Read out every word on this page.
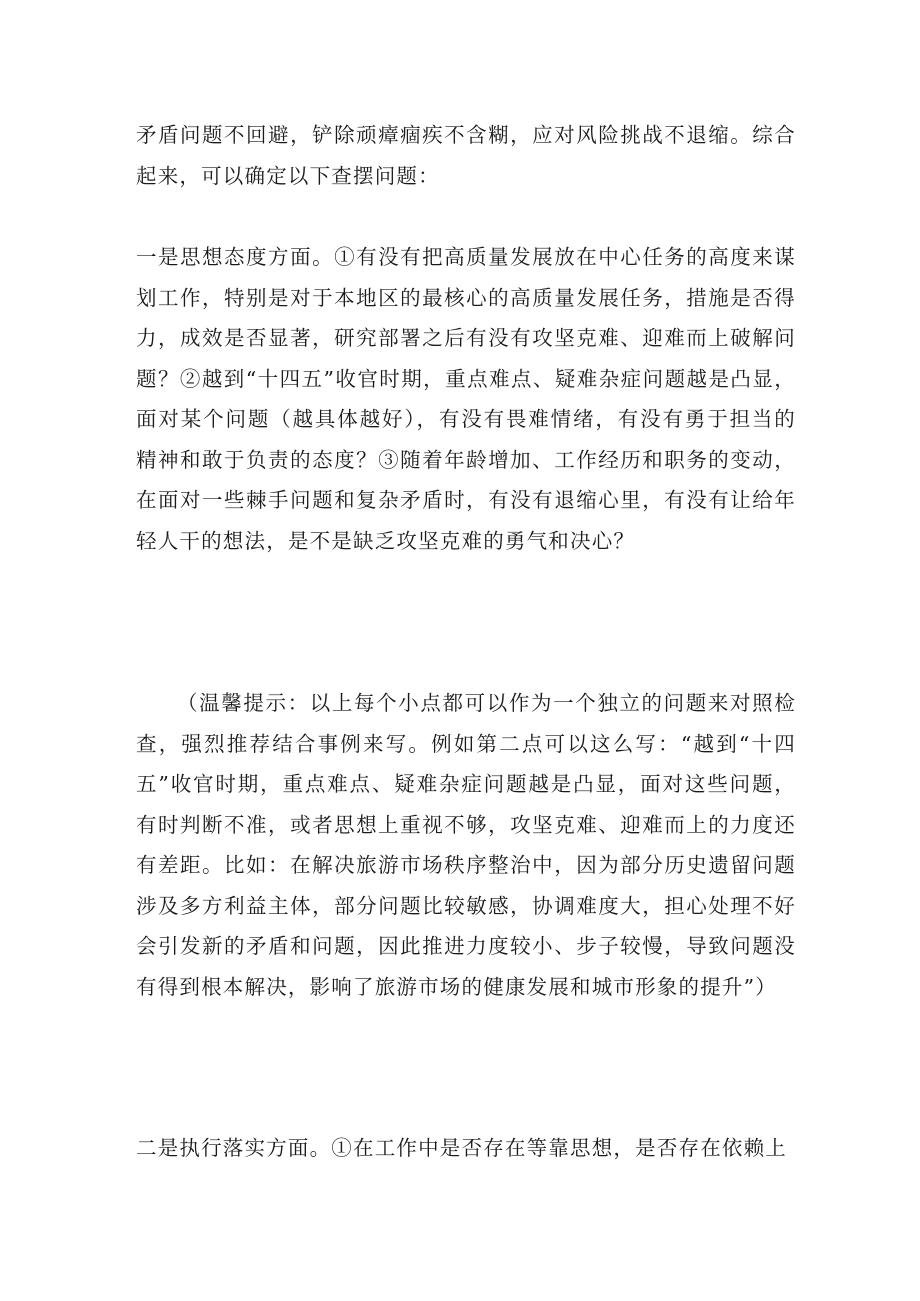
矛盾问题不回避，铲除顽瘴痼疾不含糊，应对风险挑战不退缩。综合起来，可以确定以下查摆问题：

一是思想态度方面。①有没有把高质量发展放在中心任务的高度来谋划工作，特别是对于本地区的最核心的高质量发展任务，措施是否得力，成效是否显著，研究部署之后有没有攻坚克难、迎难而上破解问题？②越到“十四五”收官时期，重点难点、疑难杂症问题越是凸显，面对某个问题（越具体越好），有没有畏难情绪，有没有勇于担当的精神和敢于负责的态度？③随着年龄增加、工作经历和职务的变动，在面对一些棘手问题和复杂矛盾时，有没有退缩心里，有没有让给年轻人干的想法，是不是缺乏攻坚克难的勇气和决心？

（温馨提示：以上每个小点都可以作为一个独立的问题来对照检查，强烈推荐结合事例来写。例如第二点可以这么写：“越到“十四五”收官时期，重点难点、疑难杂症问题越是凸显，面对这些问题，有时判断不准，或者思想上重视不够，攻坚克难、迎难而上的力度还有差距。比如：在解决旅游市场秩序整治中，因为部分历史遗留问题涉及多方利益主体，部分问题比较敏感，协调难度大，担心处理不好会引发新的矛盾和问题，因此推进力度较小、步子较慢，导致问题没有得到根本解决，影响了旅游市场的健康发展和城市形象的提升”）

二是执行落实方面。①在工作中是否存在等靠思想，是否存在依赖上
